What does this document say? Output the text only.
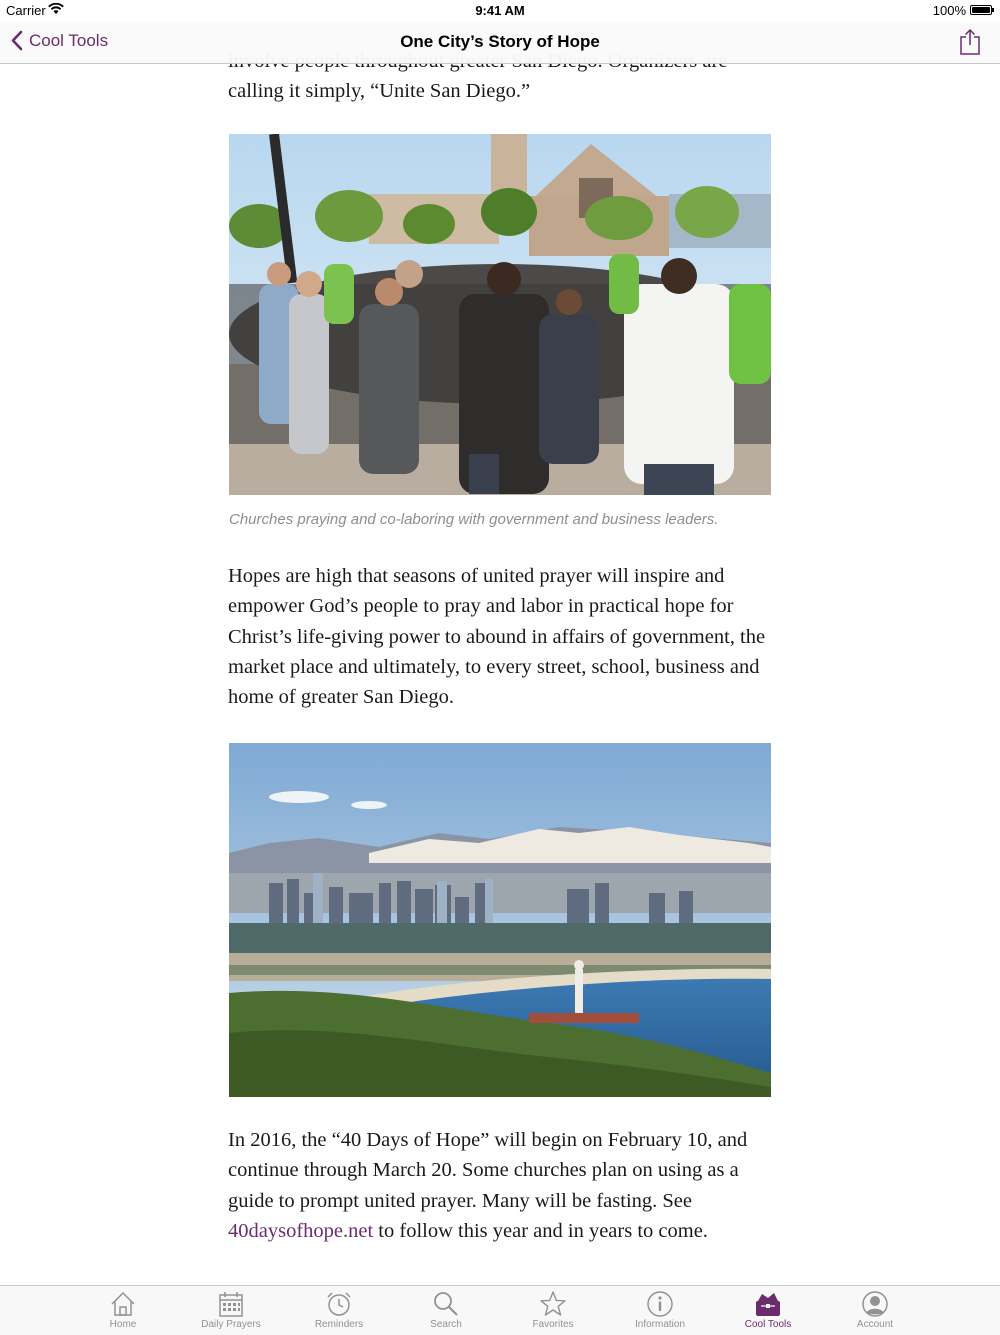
calling it simply, “Unite San Diego.”
Churches praying and co-laboring with government and business leaders.
Hopes are high that seasons of united prayer will inspire and empower God’s people to pray and labor in practical hope for Christ’s life-giving power to abound in affairs of government, the market place and ultimately, to every street, school, business and home of greater San Diego.
In 2016, the “40 Days of Hope” will begin on February 10, and continue through March 20. Some churches plan on using as a guide to prompt united prayer. Many will be fasting. See 40daysofhope.net to follow this year and in years to come.
Carrier	9:41 AM	100%
Cool Tools	One City’s Story of Hope
Home	Daily Prayers	Reminders	Search	Favorites	Information	Cool Tools	Account
